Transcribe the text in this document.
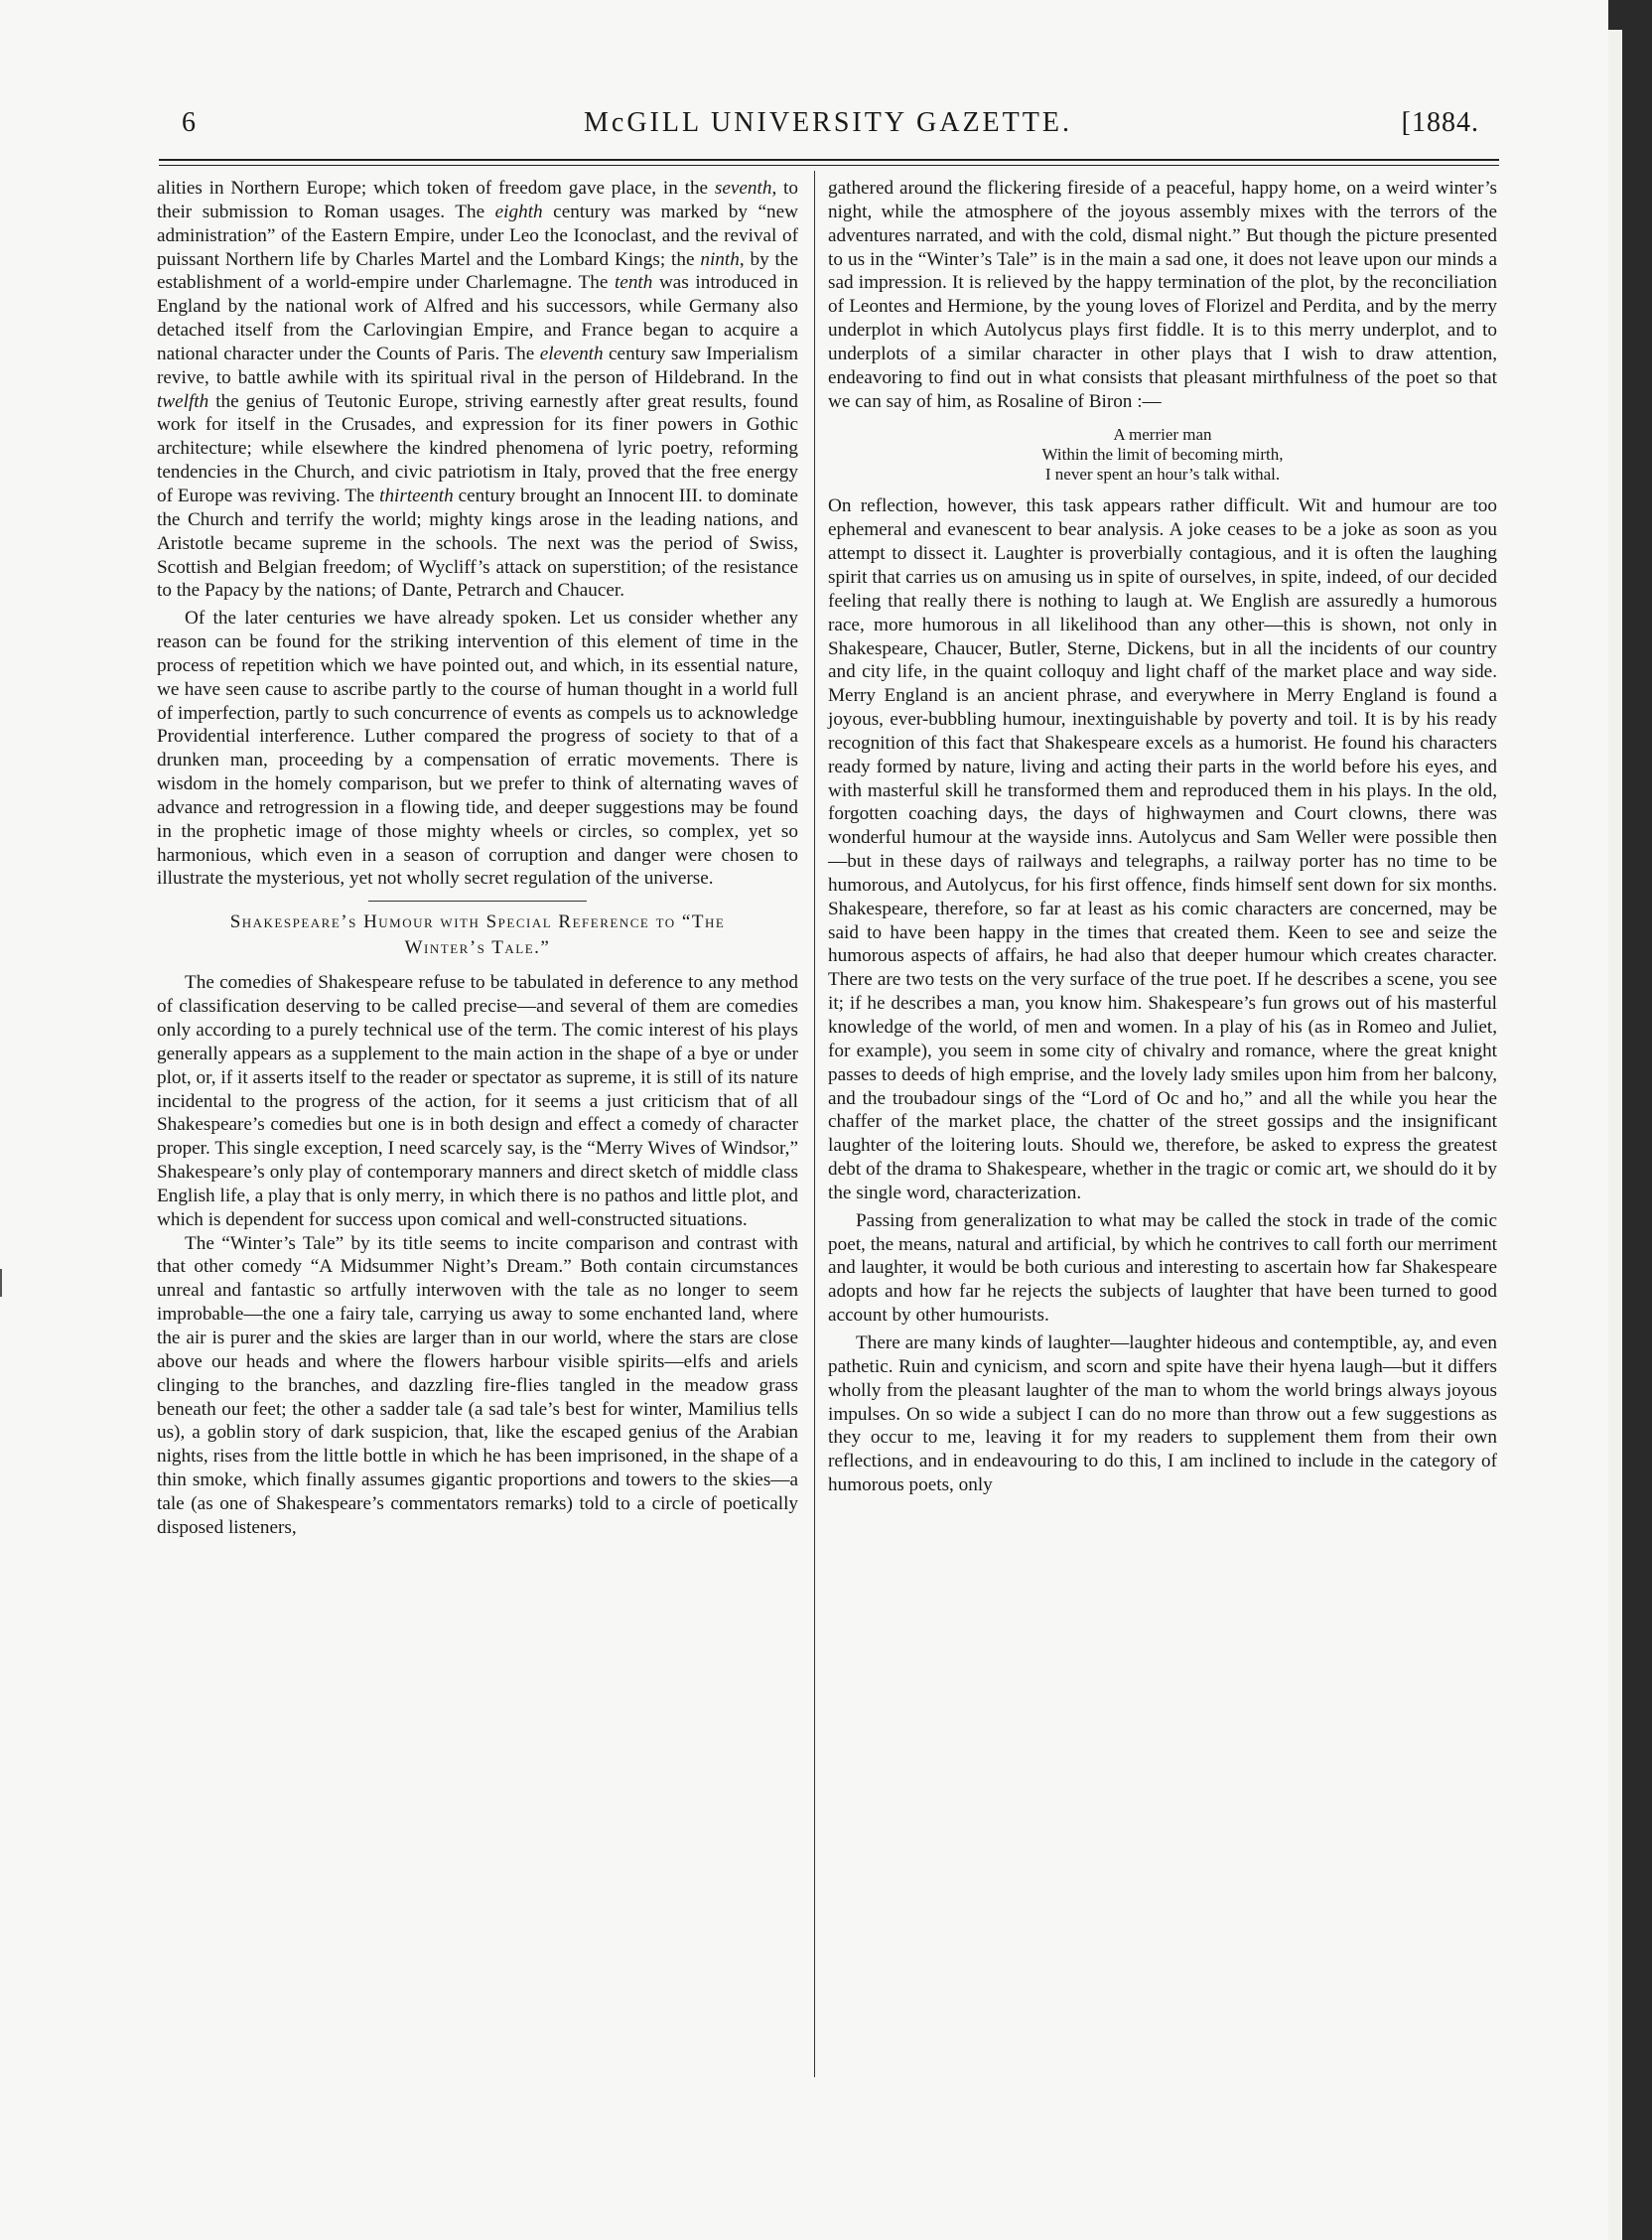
6	McGILL UNIVERSITY GAZETTE.	[1884.

alities in Northern Europe; which token of freedom gave place, in the seventh, to their submission to Roman usages. The eighth century was marked by “new administration” of the Eastern Empire, under Leo the Iconoclast, and the revival of puissant Northern life by Charles Martel and the Lombard Kings; the ninth, by the establishment of a world-empire under Charlemagne. The tenth was introduced in England by the national work of Alfred and his successors, while Germany also detached itself from the Carlovingian Empire, and France began to acquire a national character under the Counts of Paris. The eleventh century saw Imperialism revive, to battle awhile with its spiritual rival in the person of Hildebrand. In the twelfth the genius of Teutonic Europe, striving earnestly after great results, found work for itself in the Crusades, and expression for its finer powers in Gothic architecture; while elsewhere the kindred phenomena of lyric poetry, reforming tendencies in the Church, and civic patriotism in Italy, proved that the free energy of Europe was reviving. The thirteenth century brought an Innocent III. to dominate the Church and terrify the world; mighty kings arose in the leading nations, and Aristotle became supreme in the schools. The next was the period of Swiss, Scottish and Belgian freedom; of Wycliff’s attack on superstition; of the resistance to the Papacy by the nations; of Dante, Petrarch and Chaucer.

Of the later centuries we have already spoken. Let us consider whether any reason can be found for the striking intervention of this element of time in the process of repetition which we have pointed out, and which, in its essential nature, we have seen cause to ascribe partly to the course of human thought in a world full of imperfection, partly to such concurrence of events as compels us to acknowledge Providential interference. Luther compared the progress of society to that of a drunken man, proceeding by a compensation of erratic movements. There is wisdom in the homely comparison, but we prefer to think of alternating waves of advance and retrogression in a flowing tide, and deeper suggestions may be found in the prophetic image of those mighty wheels or circles, so complex, yet so harmonious, which even in a season of corruption and danger were chosen to illustrate the mysterious, yet not wholly secret regulation of the universe.

Shakespeare’s Humour with Special Reference to “The
Winter’s Tale.”

The comedies of Shakespeare refuse to be tabulated in deference to any method of classification deserving to be called precise—and several of them are comedies only according to a purely technical use of the term. The comic interest of his plays generally appears as a supplement to the main action in the shape of a bye or under plot, or, if it asserts itself to the reader or spectator as supreme, it is still of its nature incidental to the progress of the action, for it seems a just criticism that of all Shakespeare’s comedies but one is in both design and effect a comedy of character proper. This single exception, I need scarcely say, is the “Merry Wives of Windsor,” Shakespeare’s only play of contemporary manners and direct sketch of middle class English life, a play that is only merry, in which there is no pathos and little plot, and which is dependent for success upon comical and well-constructed situations.

The “Winter’s Tale” by its title seems to incite comparison and contrast with that other comedy “A Midsummer Night’s Dream.” Both contain circumstances unreal and fantastic so artfully interwoven with the tale as no longer to seem improbable—the one a fairy tale, carrying us away to some enchanted land, where the air is purer and the skies are larger than in our world, where the stars are close above our heads and where the flowers harbour visible spirits—elfs and ariels clinging to the branches, and dazzling fire-flies tangled in the meadow grass beneath our feet; the other a sadder tale (a sad tale’s best for winter, Mamilius tells us), a goblin story of dark suspicion, that, like the escaped genius of the Arabian nights, rises from the little bottle in which he has been imprisoned, in the shape of a thin smoke, which finally assumes gigantic proportions and towers to the skies—a tale (as one of Shakespeare’s commentators remarks) told to a circle of poetically disposed listeners,

gathered around the flickering fireside of a peaceful, happy home, on a weird winter’s night, while the atmosphere of the joyous assembly mixes with the terrors of the adventures narrated, and with the cold, dismal night.” But though the picture presented to us in the “Winter’s Tale” is in the main a sad one, it does not leave upon our minds a sad impression. It is relieved by the happy termination of the plot, by the reconciliation of Leontes and Hermione, by the young loves of Florizel and Perdita, and by the merry underplot in which Autolycus plays first fiddle. It is to this merry underplot, and to underplots of a similar character in other plays that I wish to draw attention, endeavoring to find out in what consists that pleasant mirthfulness of the poet so that we can say of him, as Rosaline of Biron :—

A merrier man
Within the limit of becoming mirth,
I never spent an hour’s talk withal.

On reflection, however, this task appears rather difficult. Wit and humour are too ephemeral and evanescent to bear analysis. A joke ceases to be a joke as soon as you attempt to dissect it. Laughter is proverbially contagious, and it is often the laughing spirit that carries us on amusing us in spite of ourselves, in spite, indeed, of our decided feeling that really there is nothing to laugh at. We English are assuredly a humorous race, more humorous in all likelihood than any other—this is shown, not only in Shakespeare, Chaucer, Butler, Sterne, Dickens, but in all the incidents of our country and city life, in the quaint colloquy and light chaff of the market place and way side. Merry England is an ancient phrase, and everywhere in Merry England is found a joyous, ever-bubbling humour, inextinguishable by poverty and toil. It is by his ready recognition of this fact that Shakespeare excels as a humorist. He found his characters ready formed by nature, living and acting their parts in the world before his eyes, and with masterful skill he transformed them and reproduced them in his plays. In the old, forgotten coaching days, the days of highwaymen and Court clowns, there was wonderful humour at the wayside inns. Autolycus and Sam Weller were possible then—but in these days of railways and telegraphs, a railway porter has no time to be humorous, and Autolycus, for his first offence, finds himself sent down for six months. Shakespeare, therefore, so far at least as his comic characters are concerned, may be said to have been happy in the times that created them. Keen to see and seize the humorous aspects of affairs, he had also that deeper humour which creates character. There are two tests on the very surface of the true poet. If he describes a scene, you see it; if he describes a man, you know him. Shakespeare’s fun grows out of his masterful knowledge of the world, of men and women. In a play of his (as in Romeo and Juliet, for example), you seem in some city of chivalry and romance, where the great knight passes to deeds of high emprise, and the lovely lady smiles upon him from her balcony, and the troubadour sings of the “Lord of Oc and ho,” and all the while you hear the chaffer of the market place, the chatter of the street gossips and the insignificant laughter of the loitering louts. Should we, therefore, be asked to express the greatest debt of the drama to Shakespeare, whether in the tragic or comic art, we should do it by the single word, characterization.

Passing from generalization to what may be called the stock in trade of the comic poet, the means, natural and artificial, by which he contrives to call forth our merriment and laughter, it would be both curious and interesting to ascertain how far Shakespeare adopts and how far he rejects the subjects of laughter that have been turned to good account by other humourists.

There are many kinds of laughter—laughter hideous and contemptible, ay, and even pathetic. Ruin and cynicism, and scorn and spite have their hyena laugh—but it differs wholly from the pleasant laughter of the man to whom the world brings always joyous impulses. On so wide a subject I can do no more than throw out a few suggestions as they occur to me, leaving it for my readers to supplement them from their own reflections, and in endeavouring to do this, I am inclined to include in the category of humorous poets, only
